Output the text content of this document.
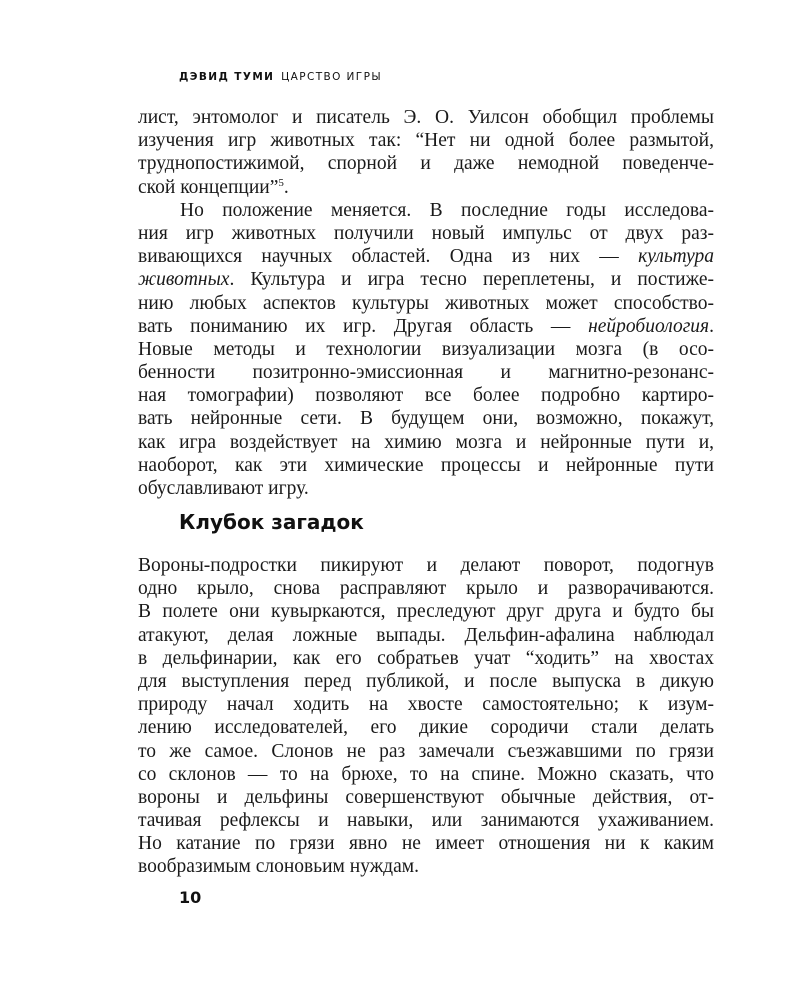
ДЭВИД ТУМИ ЦАРСТВО ИГРЫ
лист, энтомолог и писатель Э. О. Уилсон обобщил проблемы
изучения игр животных так: “Нет ни одной более размытой,
труднопостижимой, спорной и даже немодной поведенче-
ской концепции”$^5$.
Но положение меняется. В последние годы исследова-
ния игр животных получили новый импульс от двух раз-
вивающихся научных областей. Одна из них — культура
животных. Культура и игра тесно переплетены, и постиже-
нию любых аспектов культуры животных может способство-
вать пониманию их игр. Другая область — нейробиология.
Новые методы и технологии визуализации мозга (в осо-
бенности позитронно-эмиссионная и магнитно-резонанс-
ная томографии) позволяют все более подробно картиро-
вать нейронные сети. В будущем они, возможно, покажут,
как игра воздействует на химию мозга и нейронные пути и,
наоборот, как эти химические процессы и нейронные пути
обуславливают игру.
Клубок загадок
Вороны-подростки пикируют и делают поворот, подогнув
одно крыло, снова расправляют крыло и разворачиваются.
В полете они кувыркаются, преследуют друг друга и будто бы
атакуют, делая ложные выпады. Дельфин-афалина наблюдал
в дельфинарии, как его собратьев учат “ходить” на хвостах
для выступления перед публикой, и после выпуска в дикую
природу начал ходить на хвосте самостоятельно; к изум-
лению исследователей, его дикие сородичи стали делать
то же самое. Слонов не раз замечали съезжавшими по грязи
со склонов — то на брюхе, то на спине. Можно сказать, что
вороны и дельфины совершенствуют обычные действия, от-
тачивая рефлексы и навыки, или занимаются ухаживанием.
Но катание по грязи явно не имеет отношения ни к каким
вообразимым слоновьим нуждам.
10
